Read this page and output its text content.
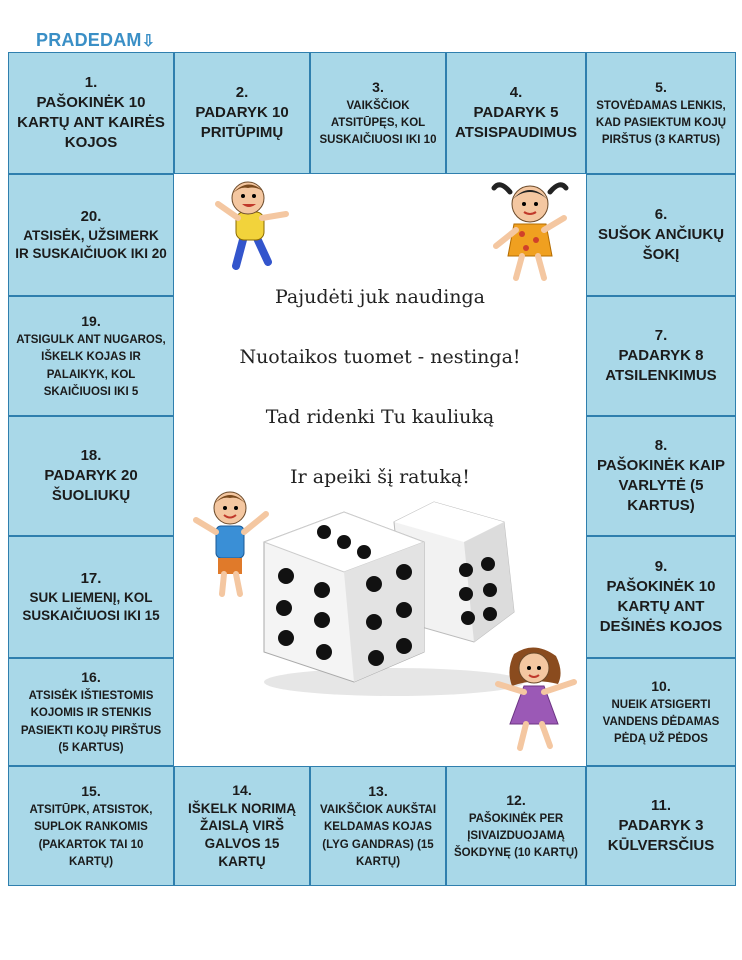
PRADEDAM⇩
1.
PAŠOKINĖK 10 KARTŲ ANT KAIRĖS KOJOS
2.
PADARYK 10 PRITŪPIMŲ
3.
VAIKŠČIOK ATSITŪPĘS, KOL SUSKAIČIUOSI IKI 10
4.
PADARYK 5 ATSISPAUDIMUS
5.
STOVĖDAMAS LENKIS, KAD PASIEKTUM KOJŲ PIRŠTUS (3 KARTUS)
20.
ATSISĖK, UŽSIMERK IR SUSKAIČIUOK IKI 20
19.
ATSIGULK ANT NUGAROS, IŠKELK KOJAS IR PALAIKYK, KOL SKAIČIUOSI IKI 5
18.
PADARYK 20 ŠUOLIUKŲ
17.
SUK LIEMENĮ, KOL SUSKAIČIUOSI IKI 15
16.
ATSISĖK IŠTIESTOMIS KOJOMIS IR STENKIS PASIEKTI KOJŲ PIRŠTUS (5 KARTUS)
6.
SUŠOK ANČIUKŲ ŠOKĮ
7.
PADARYK 8 ATSILENKIMUS
8.
PAŠOKINĖK KAIP VARLYTĖ (5 KARTUS)
9.
PAŠOKINĖK 10 KARTŲ ANT DEŠINĖS KOJOS
10.
NUEIK ATSIGERTI VANDENS DĖDAMAS PĖDĄ UŽ PĖDOS
15.
ATSITŪPK, ATSISTOK, SUPLOK RANKOMIS (PAKARTOK TAI 10 KARTŲ)
14.
IŠKELK NORIMĄ ŽAISLĄ VIRŠ GALVOS 15 KARTŲ
13.
VAIKŠČIOK AUKŠTAI KELDAMAS KOJAS (LYG GANDRAS) (15 KARTŲ)
12.
PAŠOKINĖK PER ĮSIVAIZDUOJAMĄ ŠOKDYNĘ (10 KARTŲ)
11.
PADARYK 3 KŪLVERSČIUS
Pajudėti juk naudinga
Nuotaikos tuomet - nestinga!
Tad ridenki Tu kauliuką
Ir apeiki šį ratuką!
